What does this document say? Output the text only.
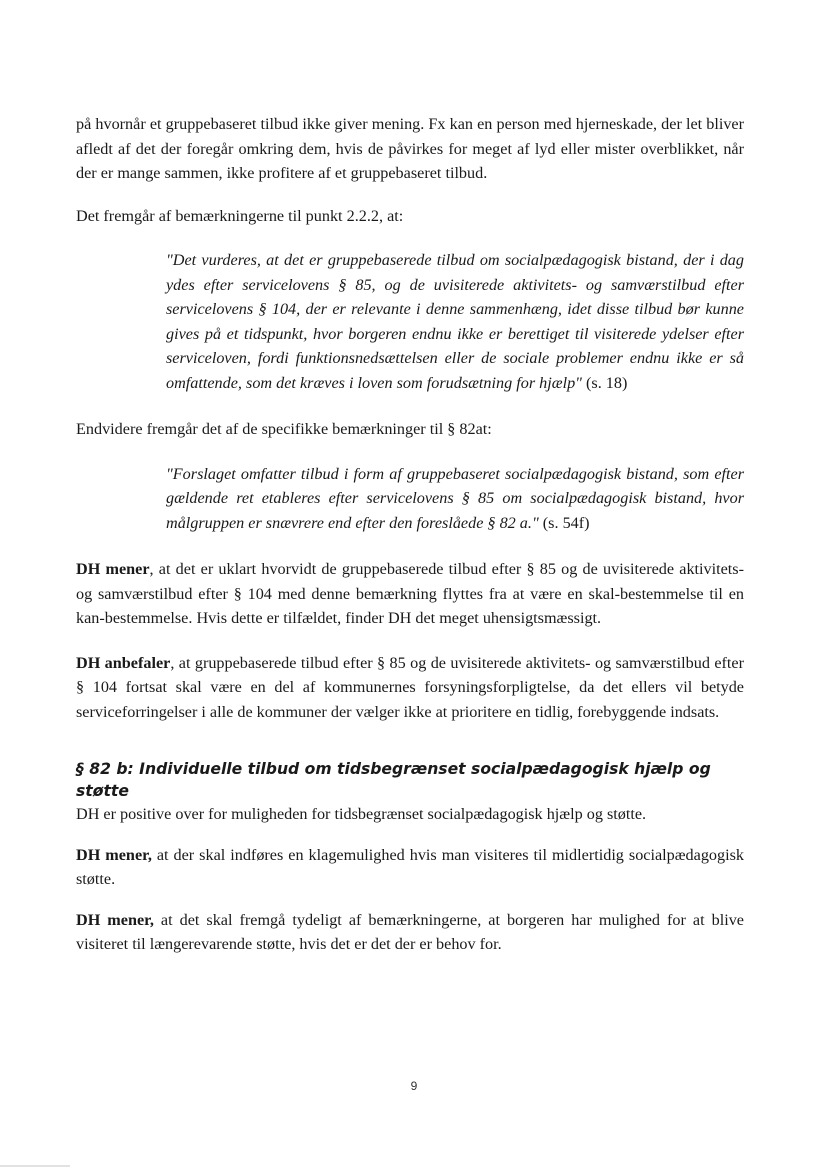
på hvornår et gruppebaseret tilbud ikke giver mening. Fx kan en person med hjerneskade, der let bliver afledt af det der foregår omkring dem, hvis de påvirkes for meget af lyd eller mister overblikket, når der er mange sammen, ikke profitere af et gruppebaseret tilbud.

Det fremgår af bemærkningerne til punkt 2.2.2, at:

"Det vurderes, at det er gruppebaserede tilbud om socialpædagogisk bistand, der i dag ydes efter servicelovens § 85, og de uvisiterede aktivitets- og samværstilbud efter servicelovens § 104, der er relevante i denne sammenhæng, idet disse tilbud bør kunne gives på et tidspunkt, hvor borgeren endnu ikke er berettiget til visiterede ydelser efter serviceloven, fordi funktionsnedsættelsen eller de sociale problemer endnu ikke er så omfattende, som det kræves i loven som forudsætning for hjælp" (s. 18)

Endvidere fremgår det af de specifikke bemærkninger til § 82at:

"Forslaget omfatter tilbud i form af gruppebaseret socialpædagogisk bistand, som efter gældende ret etableres efter servicelovens § 85 om socialpædagogisk bistand, hvor målgruppen er snævrere end efter den foreslåede § 82 a." (s. 54f)

DH mener, at det er uklart hvorvidt de gruppebaserede tilbud efter § 85 og de uvisiterede aktivitets- og samværstilbud efter § 104 med denne bemærkning flyttes fra at være en skal-bestemmelse til en kan-bestemmelse. Hvis dette er tilfældet, finder DH det meget uhensigtsmæssigt.

DH anbefaler, at gruppebaserede tilbud efter § 85 og de uvisiterede aktivitets- og samværstilbud efter § 104 fortsat skal være en del af kommunernes forsyningsforpligtelse, da det ellers vil betyde serviceforringelser i alle de kommuner der vælger ikke at prioritere en tidlig, forebyggende indsats.

§ 82 b: Individuelle tilbud om tidsbegrænset socialpædagogisk hjælp og støtte

DH er positive over for muligheden for tidsbegrænset socialpædagogisk hjælp og støtte.

DH mener, at der skal indføres en klagemulighed hvis man visiteres til midlertidig socialpædagogisk støtte.

DH mener, at det skal fremgå tydeligt af bemærkningerne, at borgeren har mulighed for at blive visiteret til længerevarende støtte, hvis det er det der er behov for.

9
